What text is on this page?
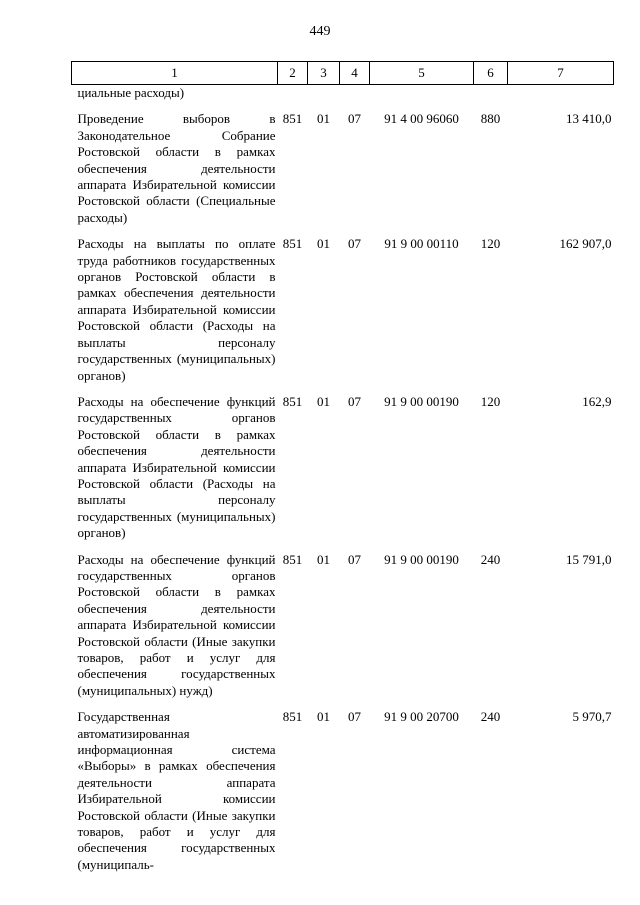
449
1	2	3	4	5	6	7
циальные расходы)						

Проведение выборов в Законодательное Собрание Ростовской области в рамках обеспечения деятельности аппарата Избирательной комиссии Ростовской области (Специальные расходы)	851	01	07	91 4 00 96060	880	13 410,0

Расходы на выплаты по оплате труда работников государственных органов Ростовской области в рамках обеспечения деятельности аппарата Избирательной комиссии Ростовской области (Расходы на выплаты персоналу государственных (муниципальных) органов)	851	01	07	91 9 00 00110	120	162 907,0

Расходы на обеспечение функций государственных органов Ростовской области в рамках обеспечения деятельности аппарата Избирательной комиссии Ростовской области (Расходы на выплаты персоналу государственных (муниципальных) органов)	851	01	07	91 9 00 00190	120	162,9

Расходы на обеспечение функций государственных органов Ростовской области в рамках обеспечения деятельности аппарата Избирательной комиссии Ростовской области (Иные закупки товаров, работ и услуг для обеспечения государственных (муниципальных) нужд)	851	01	07	91 9 00 00190	240	15 791,0

Государственная автоматизированная информационная система «Выборы» в рамках обеспечения деятельности аппарата Избирательной комиссии Ростовской области (Иные закупки товаров, работ и услуг для обеспечения государственных (муниципаль-	851	01	07	91 9 00 20700	240	5 970,7
